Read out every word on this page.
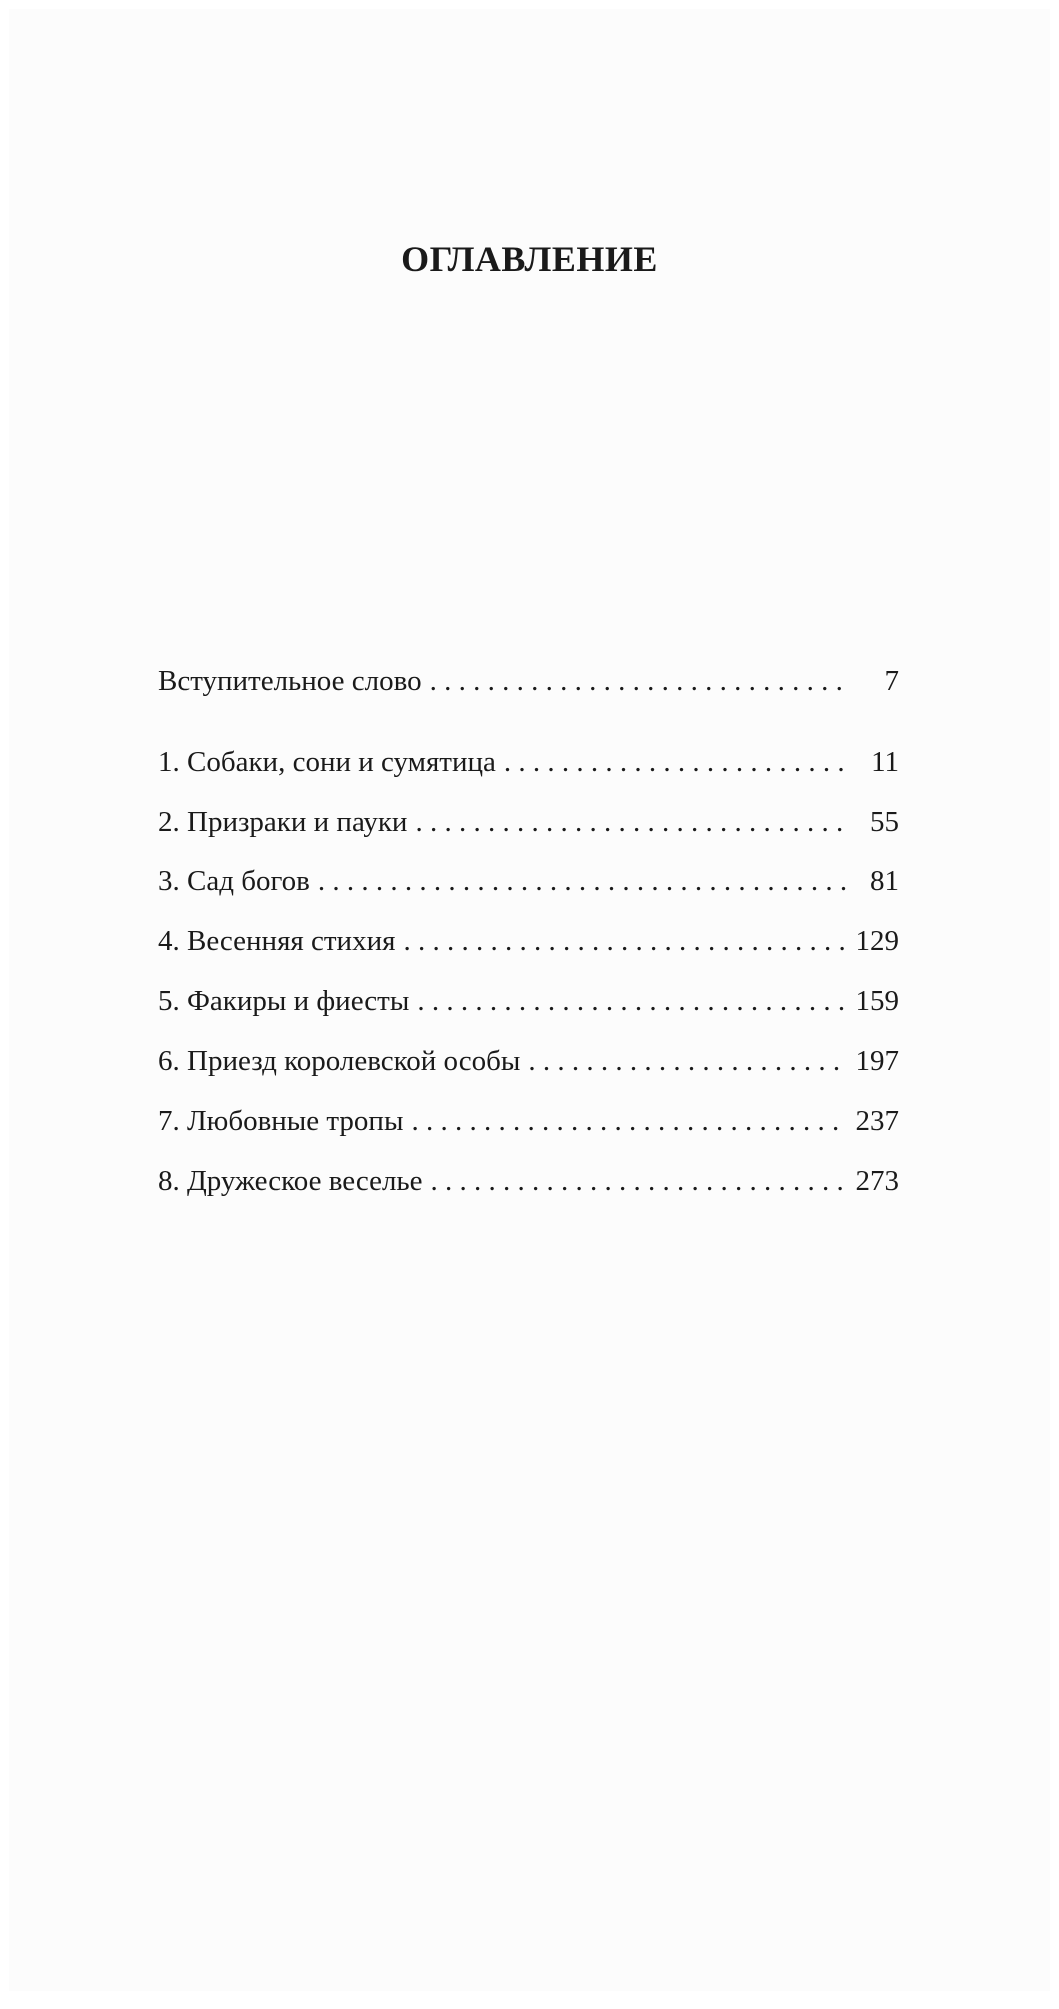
ОГЛАВЛЕНИЕ
Вступительное слово . . .	7
1. Собаки, сони и сумятица . . .	11
2. Призраки и пауки . . .	55
3. Сад богов . . .	81
4. Весенняя стихия . . .	129
5. Факиры и фиесты . . .	159
6. Приезд королевской особы . . .	197
7. Любовные тропы . . .	237
8. Дружеское веселье . . .	273
